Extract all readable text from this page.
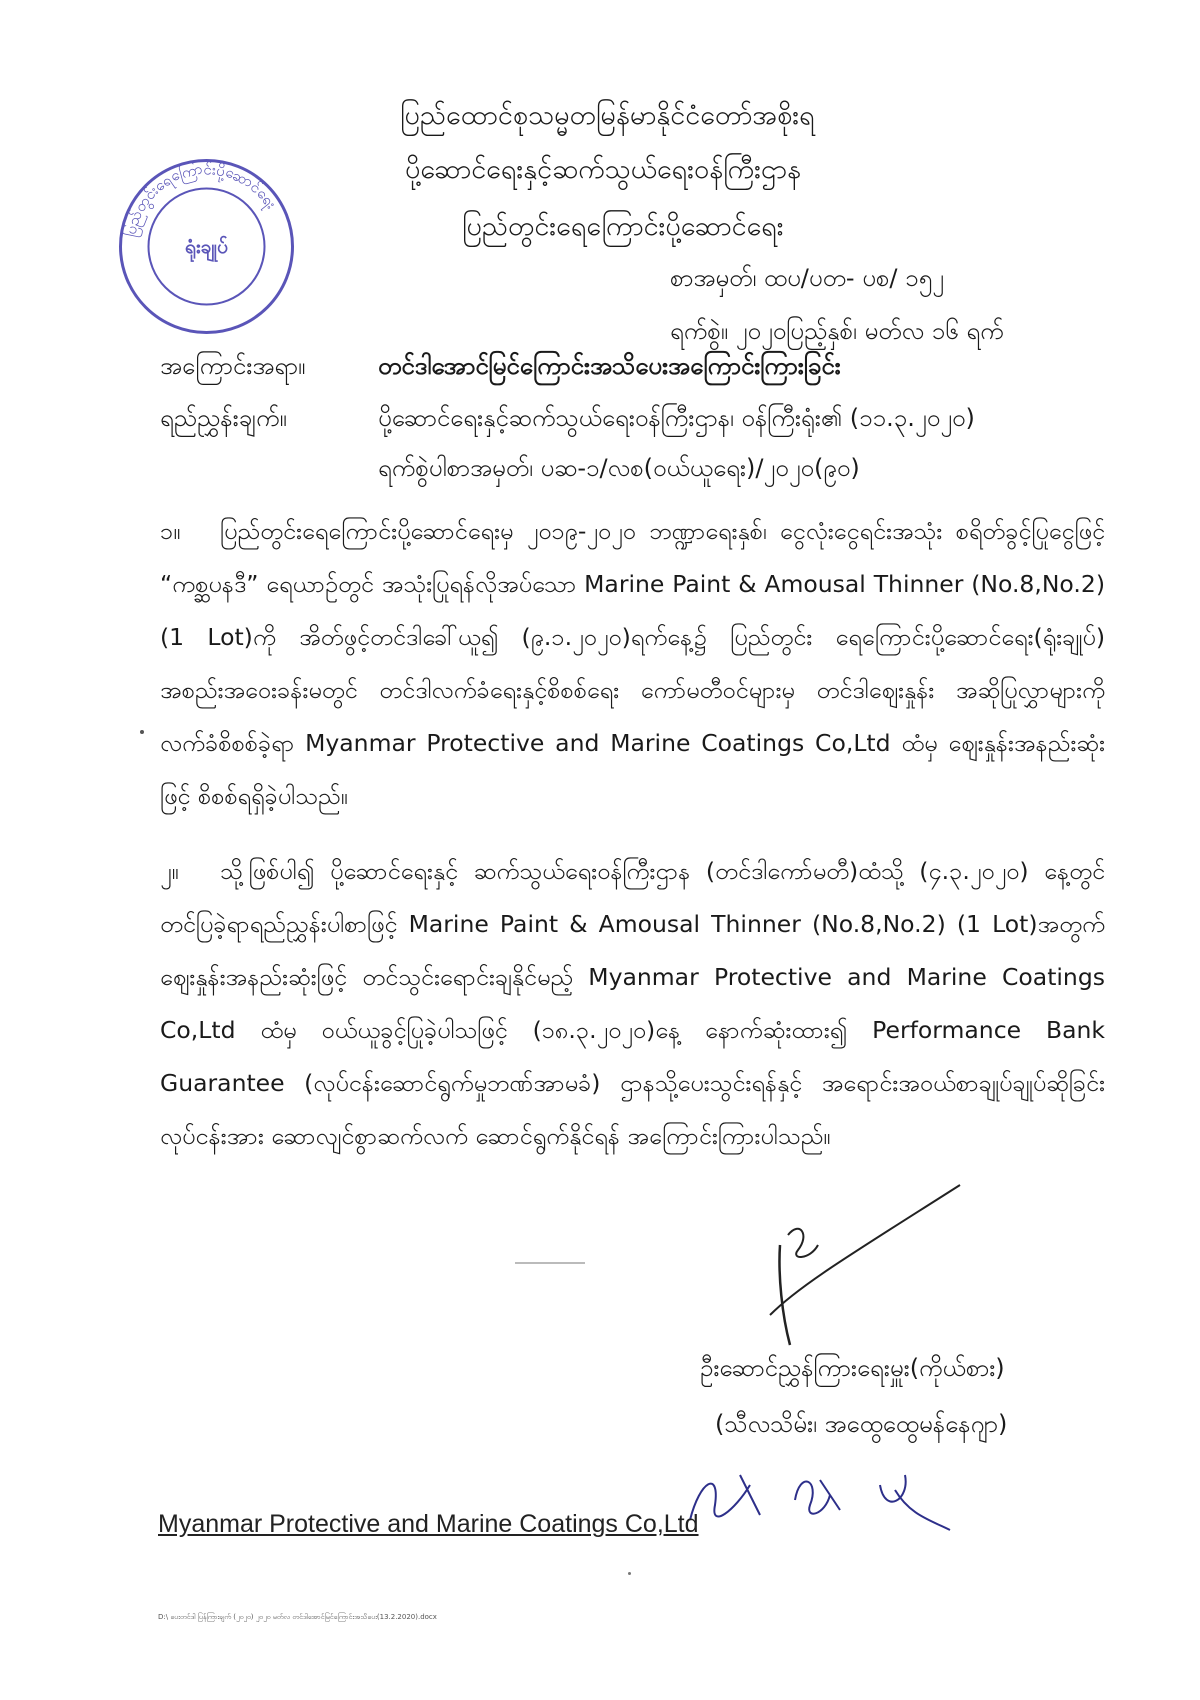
ပြည်တွင်းရေကြောင်းပို့ဆောင်ရေး
ရုံးချုပ်
ပြည်ထောင်စုသမ္မတမြန်မာနိုင်ငံတော်အစိုးရ
ပို့ဆောင်ရေးနှင့်ဆက်သွယ်ရေးဝန်ကြီးဌာန
ပြည်တွင်းရေကြောင်းပို့ဆောင်ရေး
စာအမှတ်၊ ထပ/ပတ- ပစ/ ၁၅၂
ရက်စွဲ။ ၂၀၂၀ပြည့်နှစ်၊ မတ်လ ၁၆ ရက်
အကြောင်းအရာ။	တင်ဒါအောင်မြင်ကြောင်းအသိပေးအကြောင်းကြားခြင်း
ရည်ညွှန်းချက်။	ပို့ဆောင်ရေးနှင့်ဆက်သွယ်ရေးဝန်ကြီးဌာန၊ ဝန်ကြီးရုံး၏ (၁၁.၃.၂၀၂၀)
ရက်စွဲပါစာအမှတ်၊ ပဆ-၁/လစ(ဝယ်ယူရေး)/၂၀၂၀(၉၀)
၁။ ပြည်တွင်းရေကြောင်းပို့ဆောင်ရေးမှ ၂၀၁၉-၂၀၂၀ ဘဏ္ဍာရေးနှစ်၊ ငွေလုံးငွေရင်းအသုံး စရိတ်ခွင့်ပြုငွေဖြင့် “ကစ္ဆပနဒီ” ရေယာဉ်တွင် အသုံးပြုရန်လိုအပ်သော Marine Paint & Amousal Thinner (No.8,No.2)(1 Lot)ကို အိတ်ဖွင့်တင်ဒါခေါ်ယူ၍ (၉.၁.၂၀၂၀)ရက်နေ့၌ ပြည်တွင်း ရေကြောင်းပို့ဆောင်ရေး(ရုံးချုပ်) အစည်းအဝေးခန်းမတွင် တင်ဒါလက်ခံရေးနှင့်စိစစ်ရေး ကော်မတီဝင်များမှ တင်ဒါဈေးနှုန်း အဆိုပြုလွှာများကို လက်ခံစိစစ်ခဲ့ရာ Myanmar Protective and Marine Coatings Co,Ltd ထံမှ ဈေးနှုန်းအနည်းဆုံးဖြင့် စိစစ်ရရှိခဲ့ပါသည်။
၂။ သို့ဖြစ်ပါ၍ ပို့ဆောင်ရေးနှင့် ဆက်သွယ်ရေးဝန်ကြီးဌာန (တင်ဒါကော်မတီ)ထံသို့ (၄.၃.၂၀၂၀) နေ့တွင်တင်ပြခဲ့ရာရည်ညွှန်းပါစာဖြင့် Marine Paint & Amousal Thinner (No.8,No.2) (1 Lot)အတွက် ဈေးနှုန်းအနည်းဆုံးဖြင့် တင်သွင်းရောင်းချနိုင်မည့် Myanmar Protective and Marine Coatings Co,Ltd ထံမှ ဝယ်ယူခွင့်ပြုခဲ့ပါသဖြင့် (၁၈.၃.၂၀၂၀)နေ့ နောက်ဆုံးထား၍ Performance Bank Guarantee (လုပ်ငန်းဆောင်ရွက်မှုဘဏ်အာမခံ) ဌာနသို့ပေးသွင်းရန်နှင့် အရောင်းအဝယ်စာချုပ်ချုပ်ဆိုခြင်းလုပ်ငန်းအား ဆောလျင်စွာဆက်လက် ဆောင်ရွက်နိုင်ရန် အကြောင်းကြားပါသည်။
ဦးဆောင်ညွှန်ကြားရေးမှူး(ကိုယ်စား)
(သီလသိမ်း၊ အထွေထွေမန်နေဂျာ)
Myanmar Protective and Marine Coatings Co,Ltd
D:\ ပေးတင်ဒါ ပြန်ကြားချက် (၂၀၂၀) ၂၀၂၀ မတ်လ တင်ဒါအောင်မြင်ကြောင်းအသိပေး(13.2.2020).docx
